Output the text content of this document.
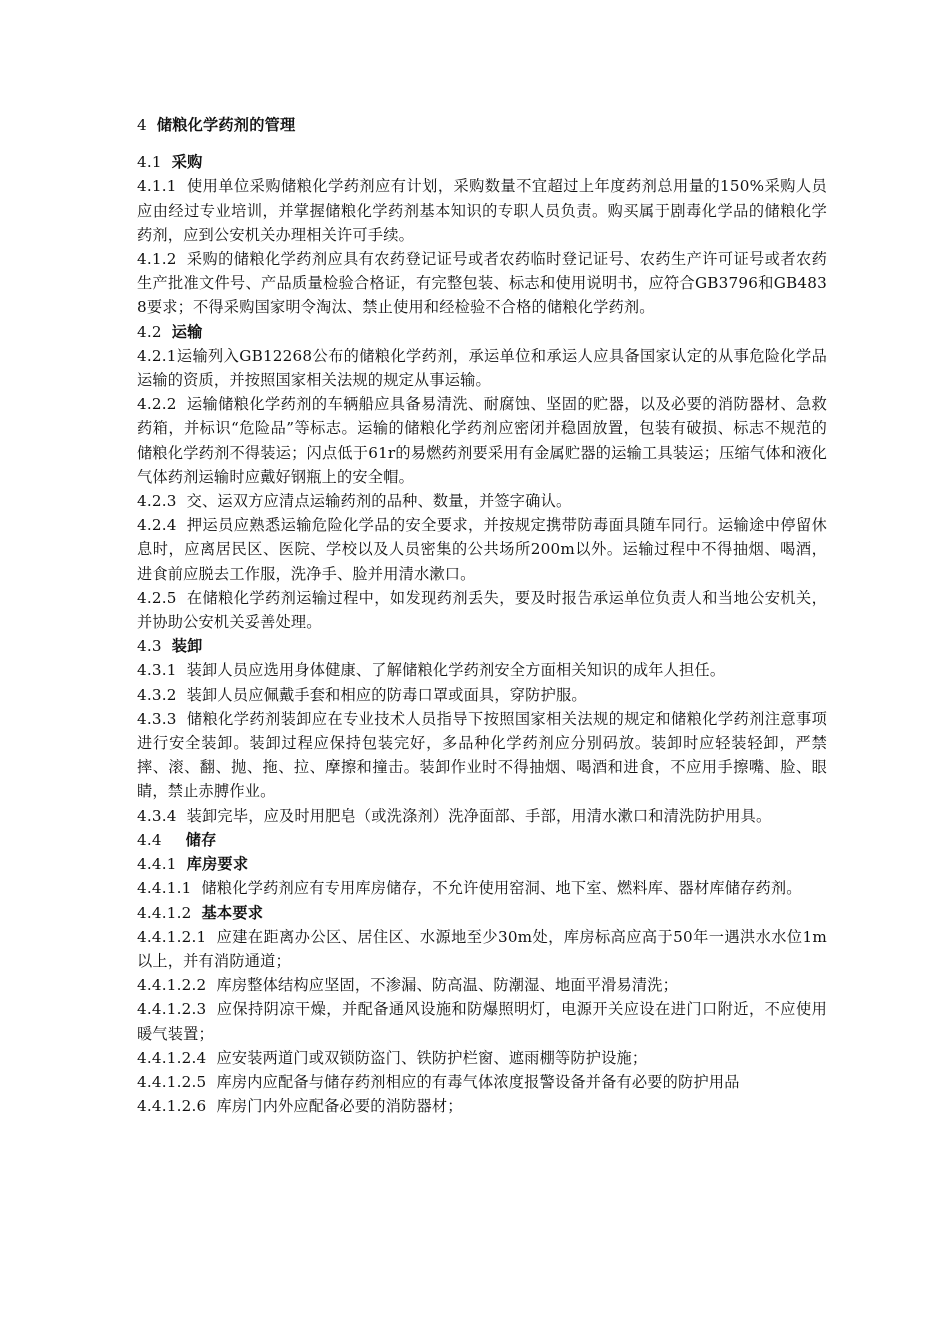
4 储粮化学药剂的管理

4.1 采购

4.1.1 使用单位采购储粮化学药剂应有计划，采购数量不宜超过上年度药剂总用量的150%采购人员应由经过专业培训，并掌握储粮化学药剂基本知识的专职人员负责。购买属于剧毒化学品的储粮化学药剂，应到公安机关办理相关许可手续。

4.1.2 采购的储粮化学药剂应具有农药登记证号或者农药临时登记证号、农药生产许可证号或者农药生产批准文件号、产品质量检验合格证，有完整包装、标志和使用说明书，应符合GB3796和GB4838要求；不得采购国家明令淘汰、禁止使用和经检验不合格的储粮化学药剂。

4.2 运输

4.2.1运输列入GB12268公布的储粮化学药剂，承运单位和承运人应具备国家认定的从事危险化学品运输的资质，并按照国家相关法规的规定从事运输。

4.2.2 运输储粮化学药剂的车辆船应具备易清洗、耐腐蚀、坚固的贮器，以及必要的消防器材、急救药箱，并标识“危险品”等标志。运输的储粮化学药剂应密闭并稳固放置，包装有破损、标志不规范的储粮化学药剂不得装运；闪点低于61r的易燃药剂要采用有金属贮器的运输工具装运；压缩气体和液化气体药剂运输时应戴好钢瓶上的安全帽。

4.2.3 交、运双方应清点运输药剂的品种、数量，并签字确认。

4.2.4 押运员应熟悉运输危险化学品的安全要求，并按规定携带防毒面具随车同行。运输途中停留休息时，应离居民区、医院、学校以及人员密集的公共场所200m以外。运输过程中不得抽烟、喝酒，进食前应脱去工作服，洗净手、脸并用清水漱口。

4.2.5 在储粮化学药剂运输过程中，如发现药剂丢失，要及时报告承运单位负责人和当地公安机关，并协助公安机关妥善处理。

4.3 装卸

4.3.1 装卸人员应选用身体健康、了解储粮化学药剂安全方面相关知识的成年人担任。

4.3.2 装卸人员应佩戴手套和相应的防毒口罩或面具，穿防护服。

4.3.3 储粮化学药剂装卸应在专业技术人员指导下按照国家相关法规的规定和储粮化学药剂注意事项进行安全装卸。装卸过程应保持包装完好，多品种化学药剂应分别码放。装卸时应轻装轻卸，严禁摔、滚、翻、抛、拖、拉、摩擦和撞击。装卸作业时不得抽烟、喝酒和进食，不应用手擦嘴、脸、眼睛，禁止赤膊作业。

4.3.4 装卸完毕，应及时用肥皂（或洗涤剂）洗净面部、手部，用清水漱口和清洗防护用具。

4.4 储存

4.4.1 库房要求

4.4.1.1 储粮化学药剂应有专用库房储存，不允许使用窑洞、地下室、燃料库、器材库储存药剂。

4.4.1.2 基本要求

4.4.1.2.1 应建在距离办公区、居住区、水源地至少30m处，库房标高应高于50年一遇洪水水位1m以上，并有消防通道；

4.4.1.2.2 库房整体结构应坚固，不渗漏、防高温、防潮湿、地面平滑易清洗；

4.4.1.2.3 应保持阴凉干燥，并配备通风设施和防爆照明灯，电源开关应设在进门口附近，不应使用暖气装置；

4.4.1.2.4 应安装两道门或双锁防盗门、铁防护栏窗、遮雨棚等防护设施；

4.4.1.2.5 库房内应配备与储存药剂相应的有毒气体浓度报警设备并备有必要的防护用品

4.4.1.2.6 库房门内外应配备必要的消防器材；
